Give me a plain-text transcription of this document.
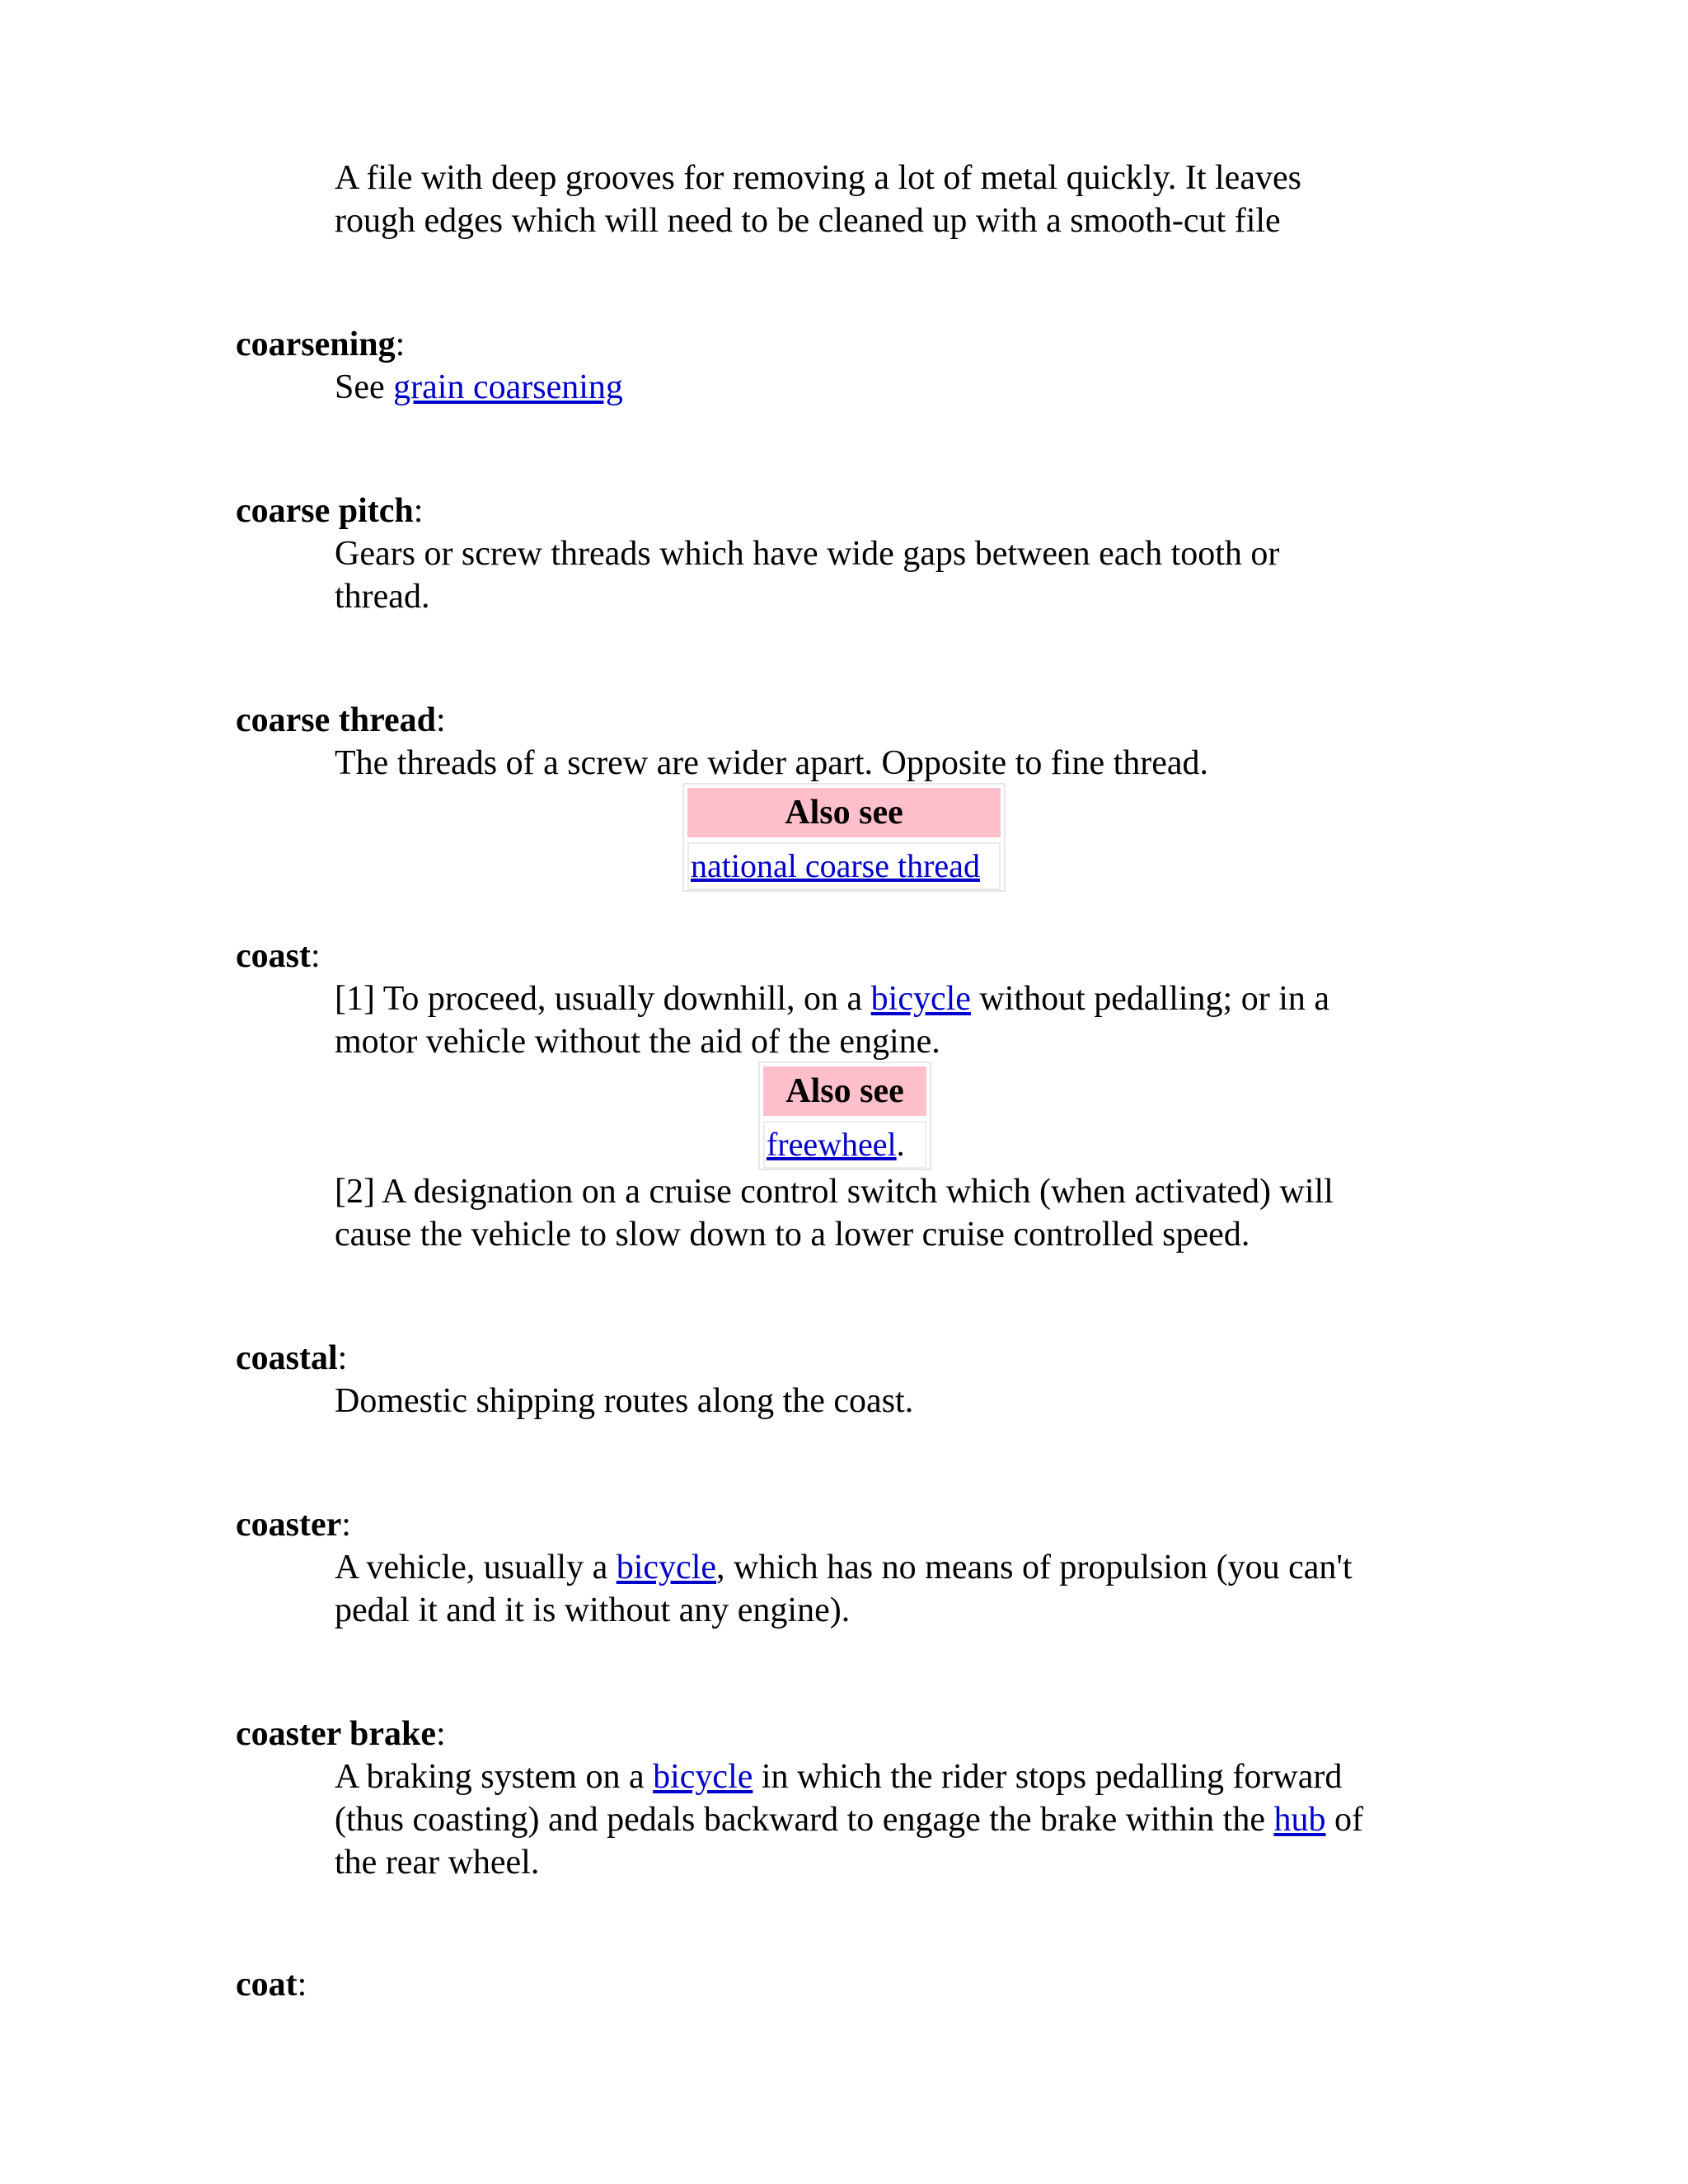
A file with deep grooves for removing a lot of metal quickly. It leaves
rough edges which will need to be cleaned up with a smooth-cut file
coarsening:
See grain coarsening
coarse pitch:
Gears or screw threads which have wide gaps between each tooth or
thread.
coarse thread:
The threads of a screw are wider apart. Opposite to fine thread.
Also see
national coarse thread
coast:
[1] To proceed, usually downhill, on a bicycle without pedalling; or in a
motor vehicle without the aid of the engine.
Also see
freewheel.
[2] A designation on a cruise control switch which (when activated) will
cause the vehicle to slow down to a lower cruise controlled speed.
coastal:
Domestic shipping routes along the coast.
coaster:
A vehicle, usually a bicycle, which has no means of propulsion (you can't
pedal it and it is without any engine).
coaster brake:
A braking system on a bicycle in which the rider stops pedalling forward
(thus coasting) and pedals backward to engage the brake within the hub of
the rear wheel.
coat:
